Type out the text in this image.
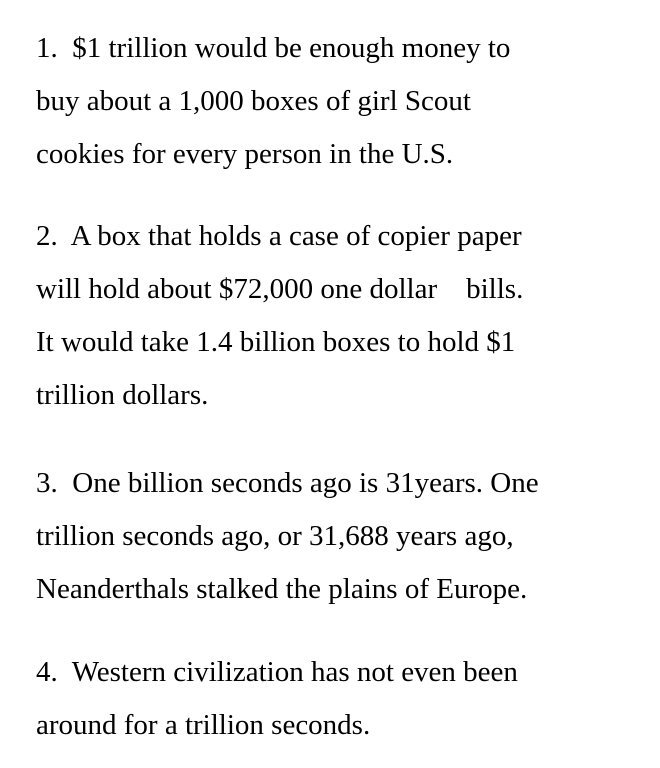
1.  $1 trillion would be enough money to
buy about a 1,000 boxes of girl Scout
cookies for every person in the U.S.
2.  A box that holds a case of copier paper
will hold about $72,000 one dollar    bills.
It would take 1.4 billion boxes to hold $1
trillion dollars.
3.  One billion seconds ago is 31years. One
trillion seconds ago, or 31,688 years ago,
Neanderthals stalked the plains of Europe.
4.  Western civilization has not even been
around for a trillion seconds.
